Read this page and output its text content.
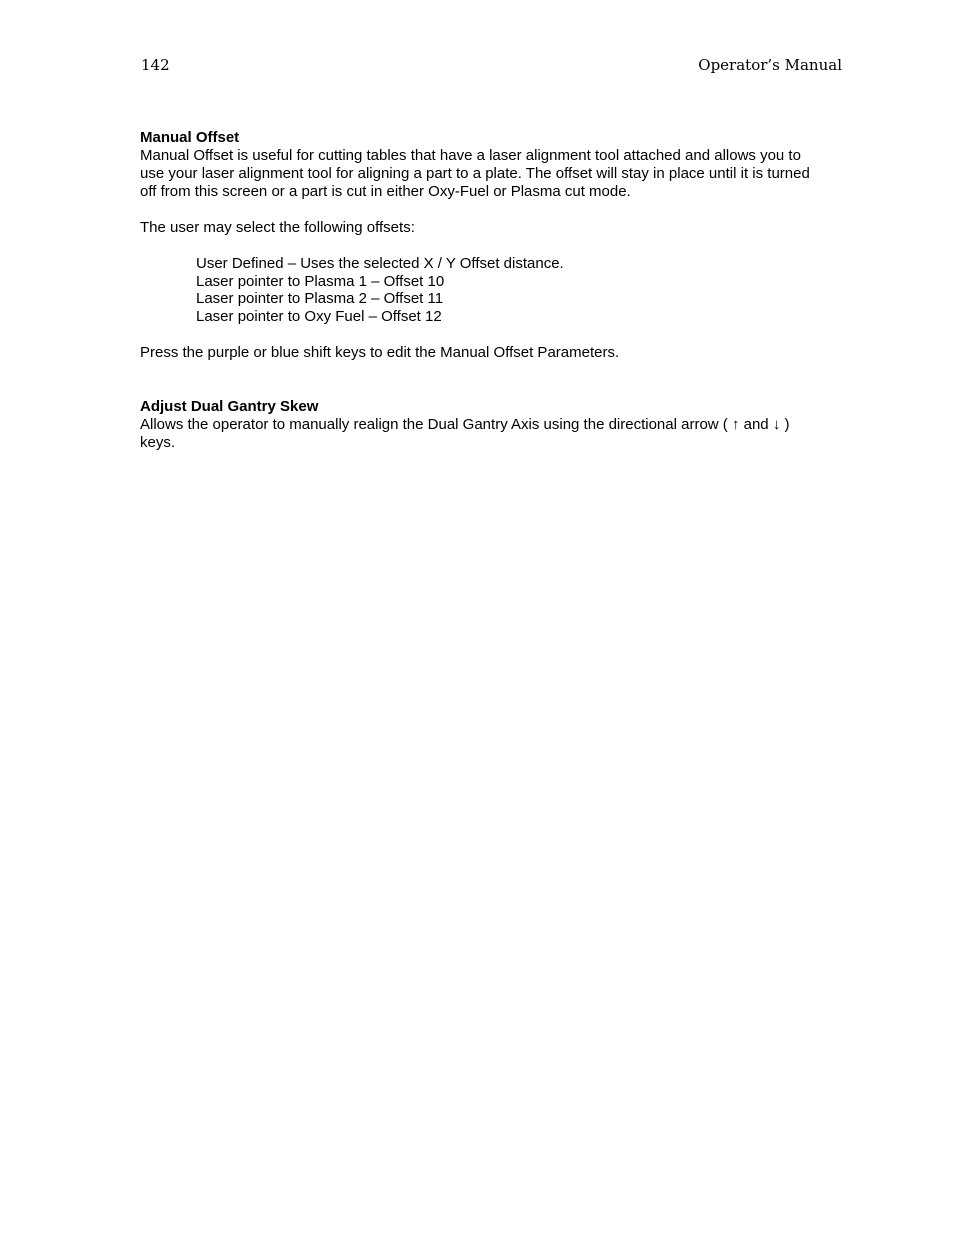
142	Operator’s Manual

Manual Offset

Manual Offset is useful for cutting tables that have a laser alignment tool attached and allows you to use your laser alignment tool for aligning a part to a plate. The offset will stay in place until it is turned off from this screen or a part is cut in either Oxy-Fuel or Plasma cut mode.

The user may select the following offsets:

User Defined – Uses the selected X / Y Offset distance.
Laser pointer to Plasma 1 – Offset 10
Laser pointer to Plasma 2 – Offset 11
Laser pointer to Oxy Fuel – Offset 12

Press the purple or blue shift keys to edit the Manual Offset Parameters.

Adjust Dual Gantry Skew

Allows the operator to manually realign the Dual Gantry Axis using the directional arrow ( ↑ and ↓ ) keys.
